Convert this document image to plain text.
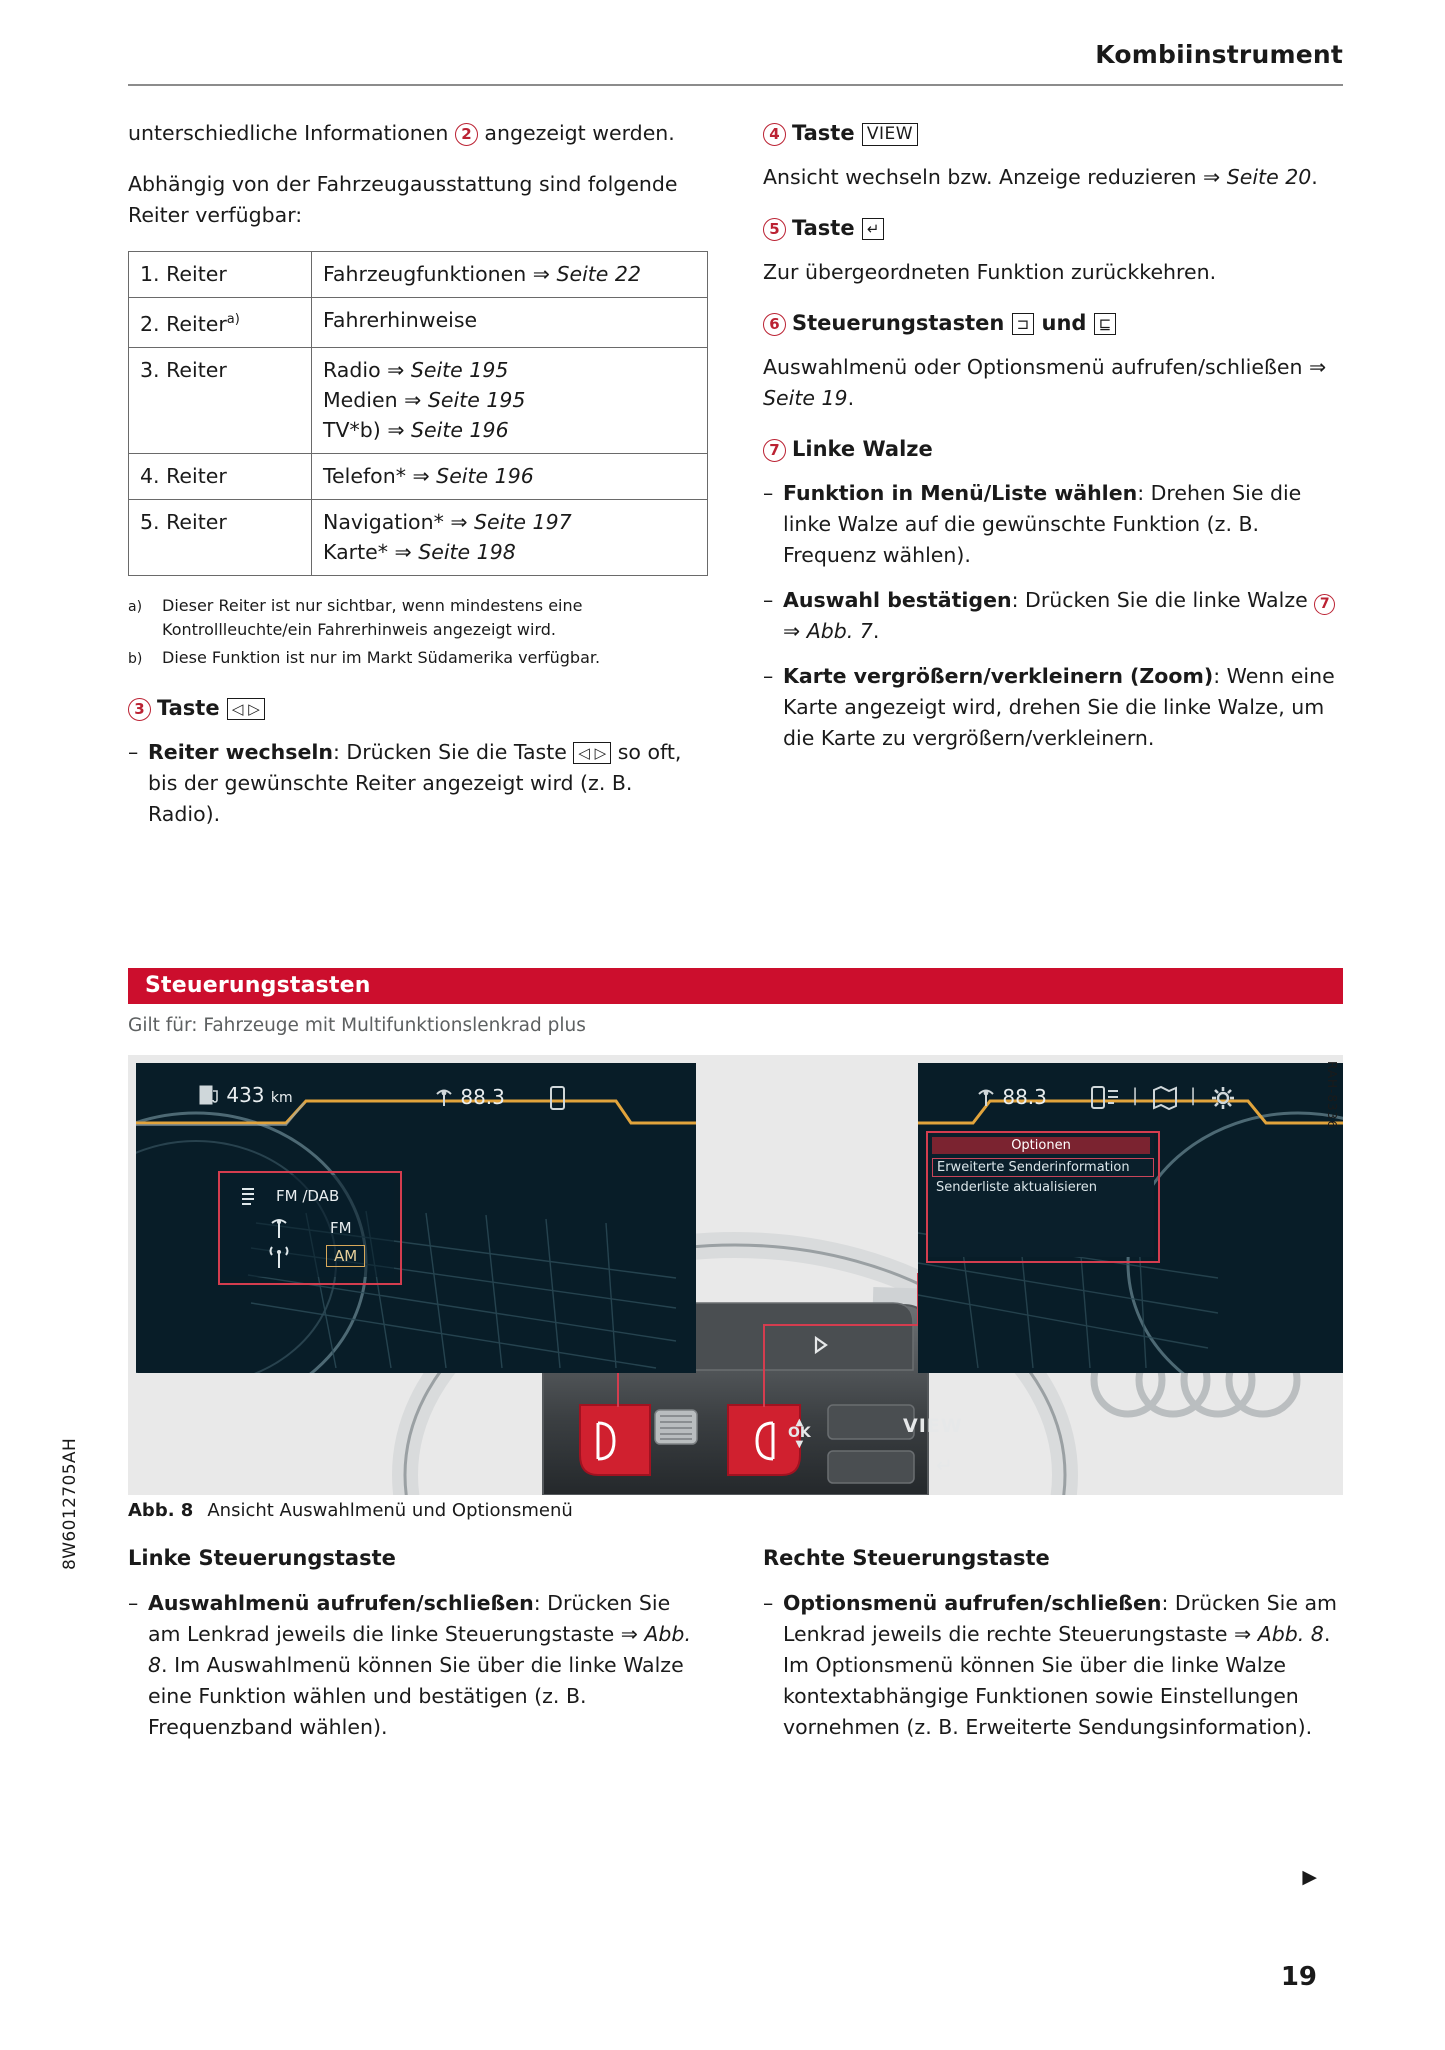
Kombiinstrument
8W6012705AH

unterschiedliche Informationen 2 angezeigt werden.

Abhängig von der Fahrzeugausstattung sind folgende Reiter verfügbar:

1. Reiter	Fahrzeugfunktionen ⇒ Seite 22
2. Reiter$^{a)}$	Fahrerhinweise
3. Reiter	Radio ⇒ Seite 195
Medien ⇒ Seite 195
TV*b) ⇒ Seite 196

4. Reiter	Telefon* ⇒ Seite 196
5. Reiter	Navigation* ⇒ Seite 197
Karte* ⇒ Seite 198
a)	Dieser Reiter ist nur sichtbar, wenn mindestens eine Kontrollleuchte/ein Fahrerhinweis angezeigt wird.
b)	Diese Funktion ist nur im Markt Südamerika verfügbar.
3 Taste ◁ ▷
– Reiter wechseln: Drücken Sie die Taste ◁ ▷ so oft, bis der gewünschte Reiter angezeigt wird (z. B. Radio).
4 Taste VIEW

Ansicht wechseln bzw. Anzeige reduzieren ⇒ Seite 20.

5 Taste ↵

Zur übergeordneten Funktion zurückkehren.

6 Steuerungstasten ⊐ und ⊑

Auswahlmenü oder Optionsmenü aufrufen/schließen ⇒ Seite 19.

7 Linke Walze
– Funktion in Menü/Liste wählen: Drehen Sie die linke Walze auf die gewünschte Funktion (z. B. Frequenz wählen).
– Auswahl bestätigen: Drücken Sie die linke Walze 7 ⇒ Abb. 7.
– Karte vergrößern/verkleinern (Zoom): Wenn eine Karte angezeigt wird, drehen Sie die linke Walze, um die Karte zu vergrößern/verkleinern.
Steuerungstasten
Gilt für: Fahrzeuge mit Multifunktionslenkrad plus
433 km	88.3
FM /DAB
FM
AM
88.3	|	|
Optionen
Erweiterte Senderinformation
Senderliste aktualisieren
VIEW
↵
▲
OK
▼
RAH-8336
Abb. 8 Ansicht Auswahlmenü und Optionsmenü
Linke Steuerungstaste
– Auswahlmenü aufrufen/schließen: Drücken Sie am Lenkrad jeweils die linke Steuerungstaste ⇒ Abb. 8. Im Auswahlmenü können Sie über die linke Walze eine Funktion wählen und bestätigen (z. B. Frequenzband wählen).
Rechte Steuerungstaste
– Optionsmenü aufrufen/schließen: Drücken Sie am Lenkrad jeweils die rechte Steuerungstaste ⇒ Abb. 8. Im Optionsmenü können Sie über die linke Walze kontextabhängige Funktionen sowie Einstellungen vornehmen (z. B. Erweiterte Sendungsinformation).
▶
19
